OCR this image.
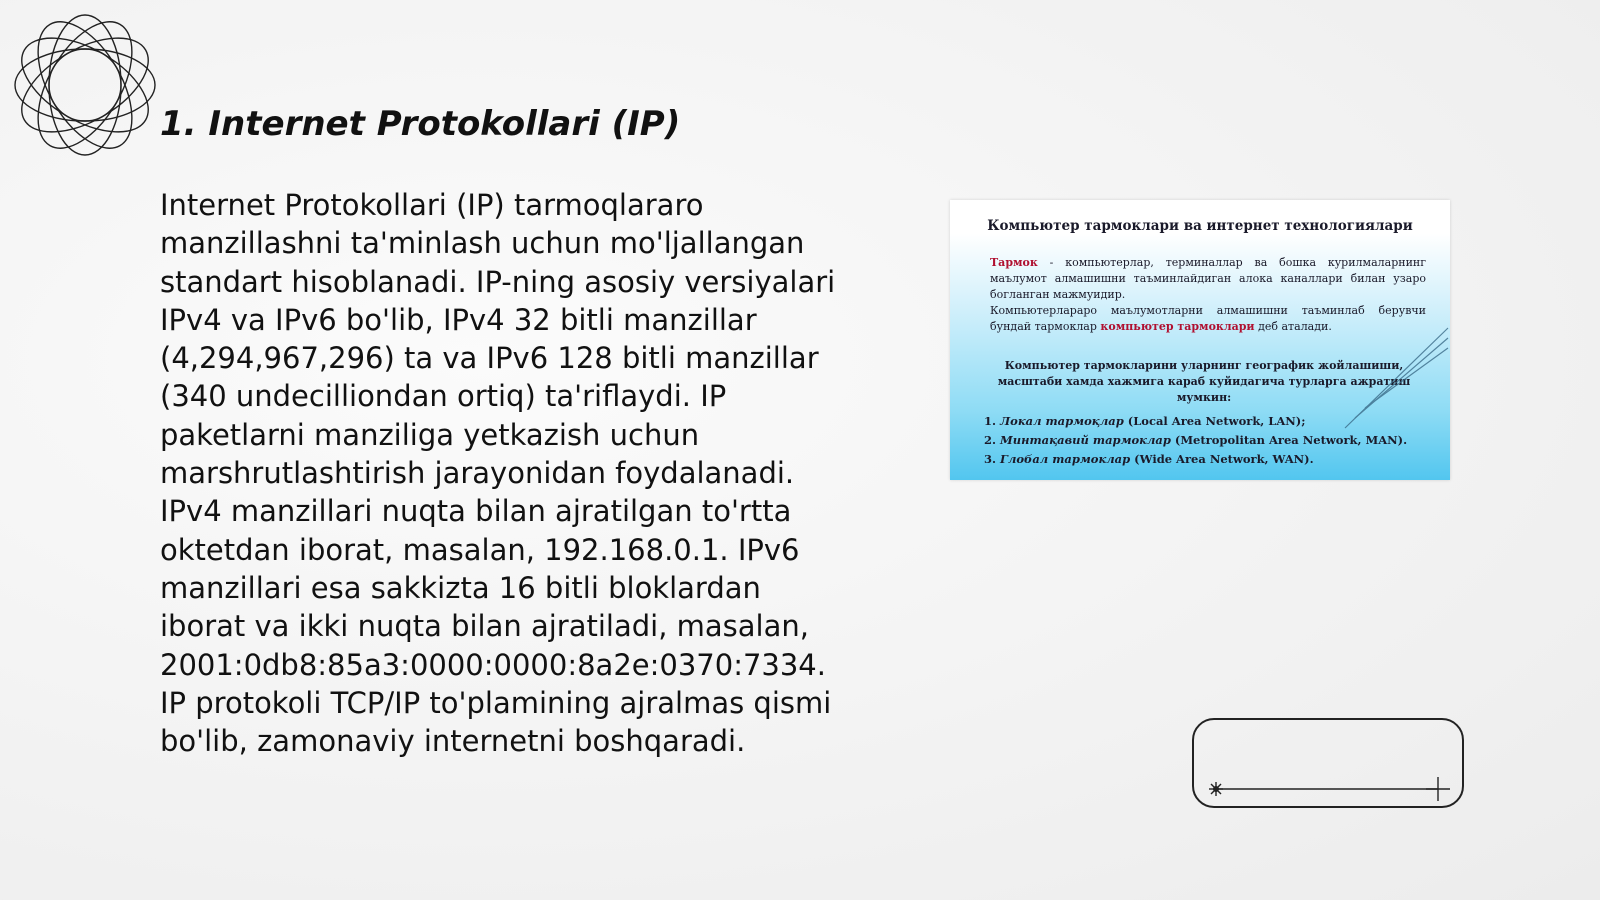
1. Internet Protokollari (IP)

Internet Protokollari (IP) tarmoqlararo manzillashni ta'minlash uchun mo'ljallangan standart hisoblanadi. IP-ning asosiy versiyalari IPv4 va IPv6 bo'lib, IPv4 32 bitli manzillar (4,294,967,296) ta va IPv6 128 bitli manzillar (340 undecilliondan ortiq) ta'riflaydi. IP paketlarni manziliga yetkazish uchun marshrutlashtirish jarayonidan foydalanadi. IPv4 manzillari nuqta bilan ajratilgan to'rtta oktetdan iborat, masalan, 192.168.0.1. IPv6 manzillari esa sakkizta 16 bitli bloklardan iborat va ikki nuqta bilan ajratiladi, masalan, 2001:0db8:85a3:0000:0000:8a2e:0370:7334. IP protokoli TCP/IP to'plamining ajralmas qismi bo'lib, zamonaviy internetni boshqaradi.

Компьютер тармоклари ва интернет технологиялари
Тармок - компьютерлар, терминаллар ва бошка курилмаларнинг маълумот алмашишни таъминлайдиган алока каналлари билан узаро богланган мажмуидир.
Компьютерлараро маълумотларни алмашишни таъминлаб берувчи бундай тармоклар компьютер тармоклари деб аталади.
Компьютер тармокларини уларнинг географик жойлашиши, масштаби хамда хажмига караб куйидагича турларга ажратиш мумкин:
1. Локал тармоқлар (Local Area Network, LAN);
2. Минтақавий тармоклар (Metropolitan Area Network, MAN).
3. Глобал тармоклар (Wide Area Network, WAN).
